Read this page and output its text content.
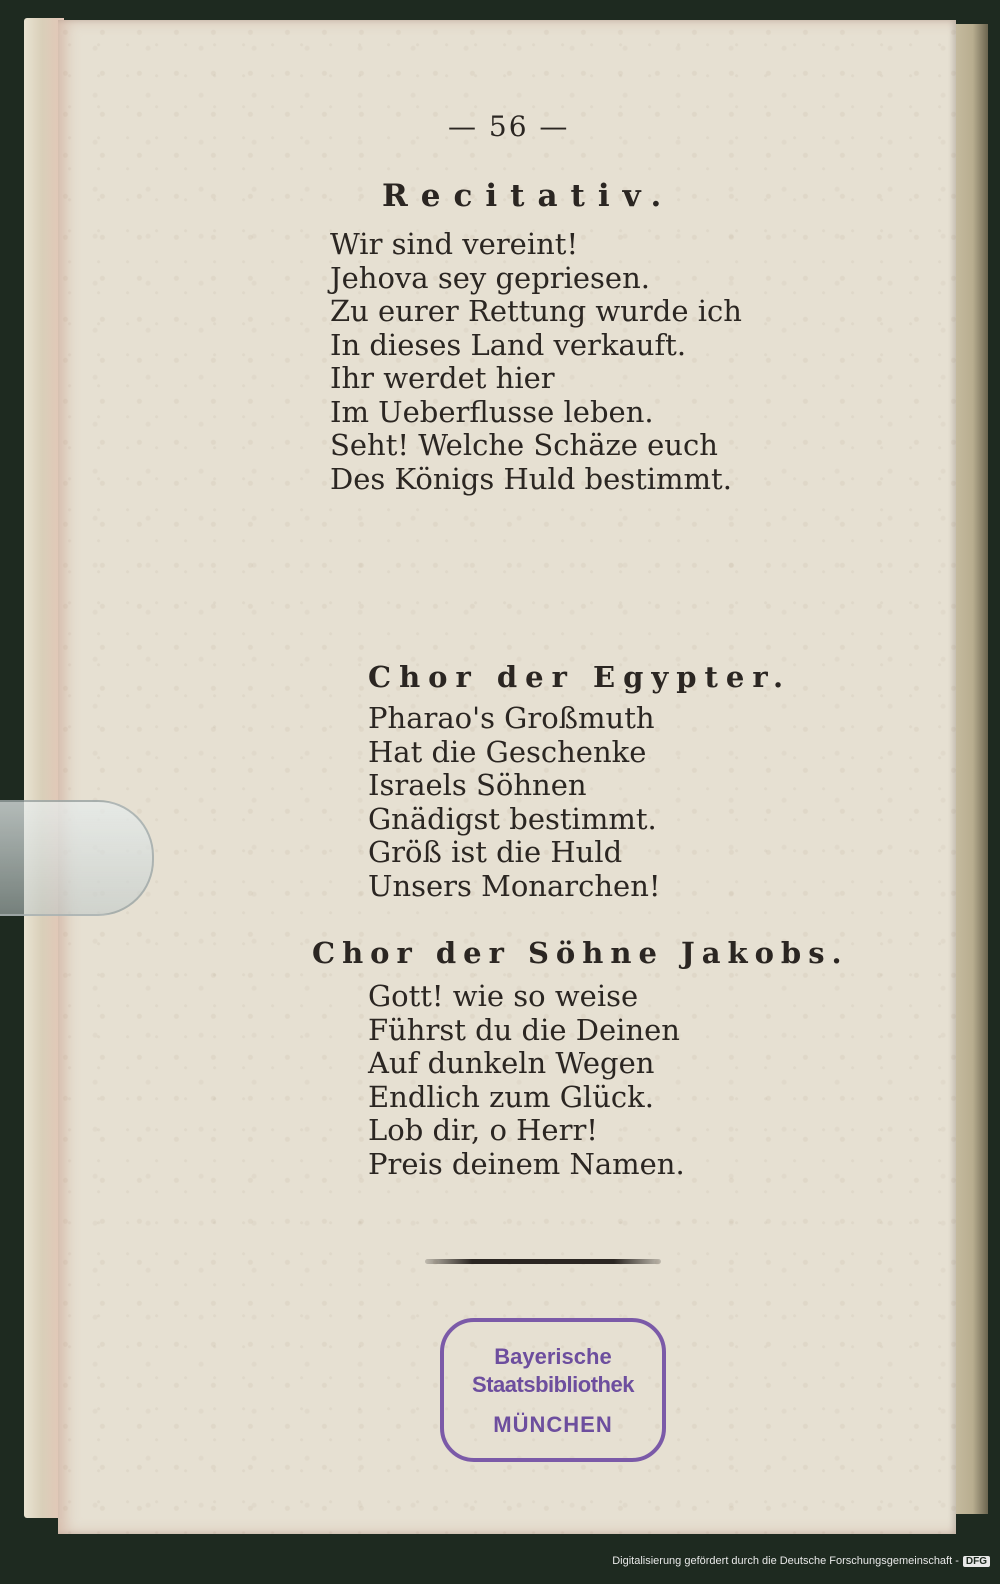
— 56 —
Recitativ.
Wir sind vereint!
Jehova sey gepriesen.
Zu eurer Rettung wurde ich
In dieses Land verkauft.
Ihr werdet hier
Im Ueberflusse leben.
Seht! Welche Schäze euch
Des Königs Huld bestimmt.
Chor der Egypter.
Pharao's Großmuth
Hat die Geschenke
Israels Söhnen
Gnädigst bestimmt.
Größ ist die Huld
Unsers Monarchen!
Chor der Söhne Jakobs.
Gott! wie so weise
Führst du die Deinen
Auf dunkeln Wegen
Endlich zum Glück.
Lob dir, o Herr!
Preis deinem Namen.
Bayerische
Staatsbibliothek
MÜNCHEN
Digitalisierung gefördert durch die Deutsche Forschungsgemeinschaft - DFG
